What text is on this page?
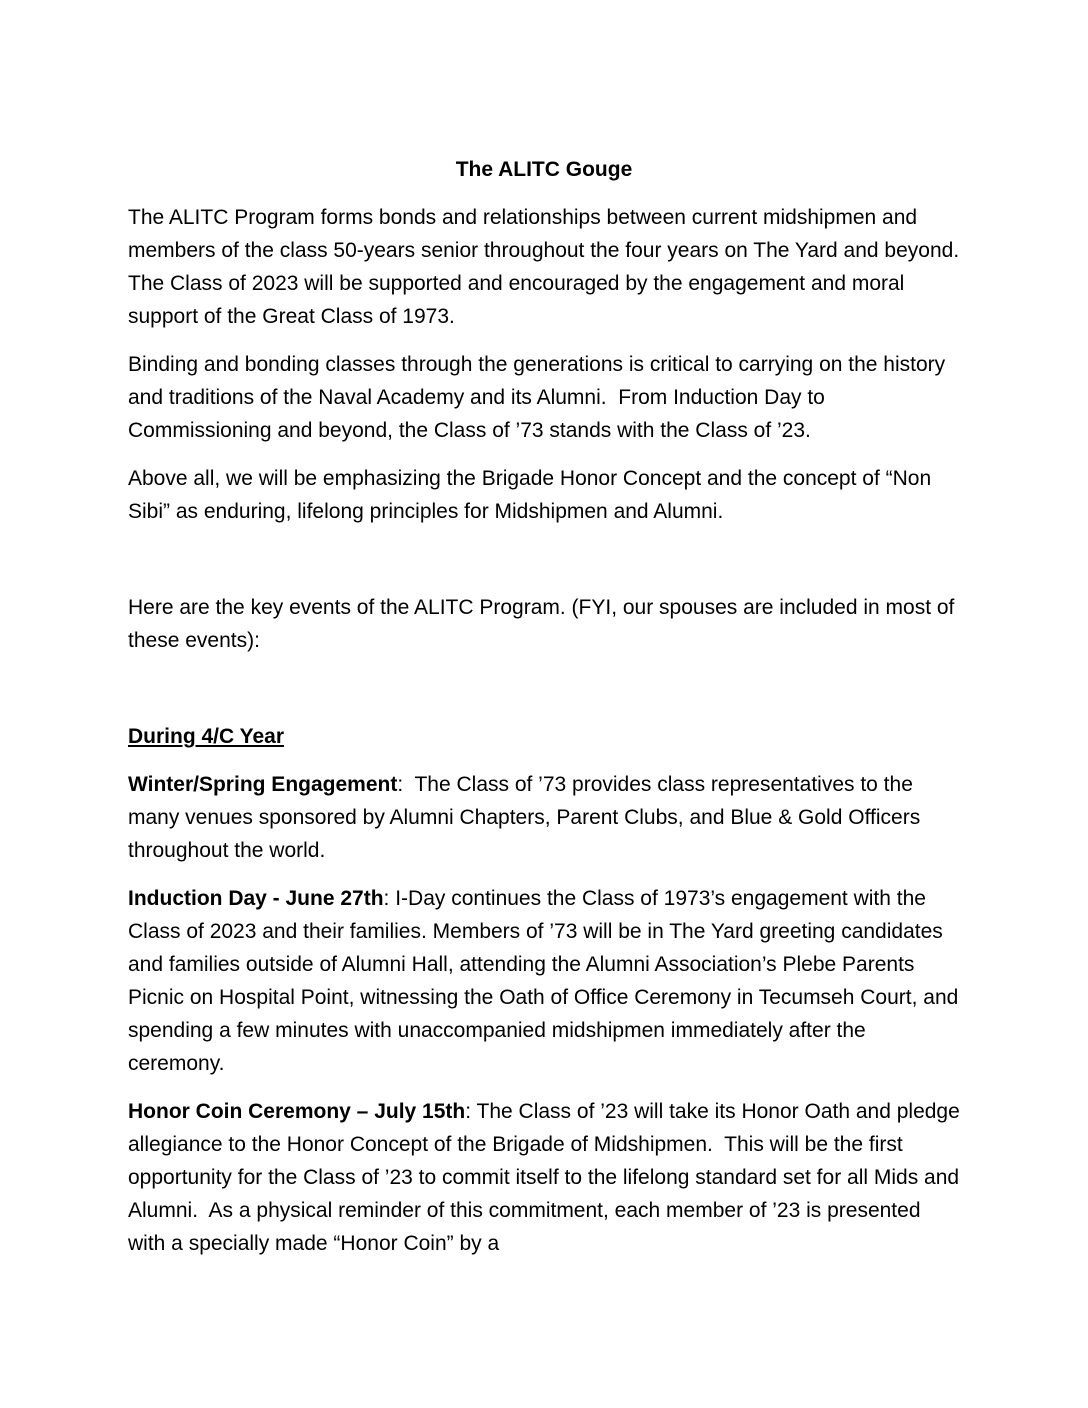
The ALITC Gouge

The ALITC Program forms bonds and relationships between current midshipmen and members of the class 50-years senior throughout the four years on The Yard and beyond.  The Class of 2023 will be supported and encouraged by the engagement and moral support of the Great Class of 1973.

Binding and bonding classes through the generations is critical to carrying on the history and traditions of the Naval Academy and its Alumni.  From Induction Day to Commissioning and beyond, the Class of ’73 stands with the Class of ’23.

Above all, we will be emphasizing the Brigade Honor Concept and the concept of “Non Sibi” as enduring, lifelong principles for Midshipmen and Alumni.

Here are the key events of the ALITC Program. (FYI, our spouses are included in most of these events):

During 4/C Year

Winter/Spring Engagement:  The Class of ’73 provides class representatives to the many venues sponsored by Alumni Chapters, Parent Clubs, and Blue & Gold Officers throughout the world.

Induction Day - June 27th: I-Day continues the Class of 1973’s engagement with the Class of 2023 and their families. Members of ’73 will be in The Yard greeting candidates and families outside of Alumni Hall, attending the Alumni Association’s Plebe Parents Picnic on Hospital Point, witnessing the Oath of Office Ceremony in Tecumseh Court, and spending a few minutes with unaccompanied midshipmen immediately after the ceremony.

Honor Coin Ceremony – July 15th: The Class of ’23 will take its Honor Oath and pledge allegiance to the Honor Concept of the Brigade of Midshipmen.  This will be the first opportunity for the Class of ’23 to commit itself to the lifelong standard set for all Mids and Alumni.  As a physical reminder of this commitment, each member of ’23 is presented with a specially made “Honor Coin” by a
